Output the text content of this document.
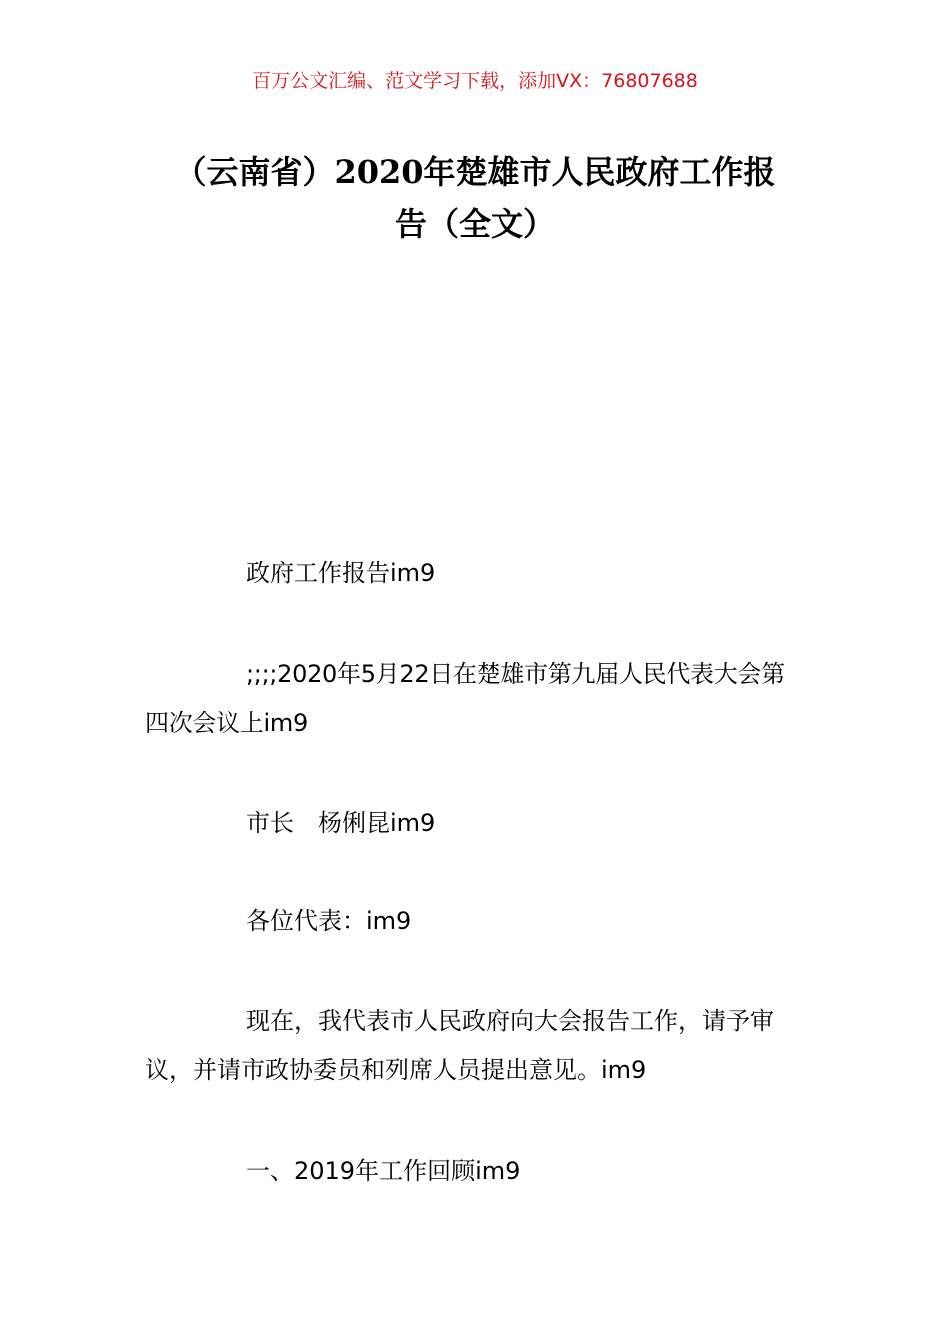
百万公文汇编、范文学习下载，添加VX：76807688
（云南省）2020年楚雄市人民政府工作报
告（全文）

政府工作报告im9

;;;;2020年5月22日在楚雄市第九届人民代表大会第四次会议上im9

市长 杨俐昆im9

各位代表：im9

现在，我代表市人民政府向大会报告工作，请予审议，并请市政协委员和列席人员提出意见。im9

一、2019年工作回顾im9
